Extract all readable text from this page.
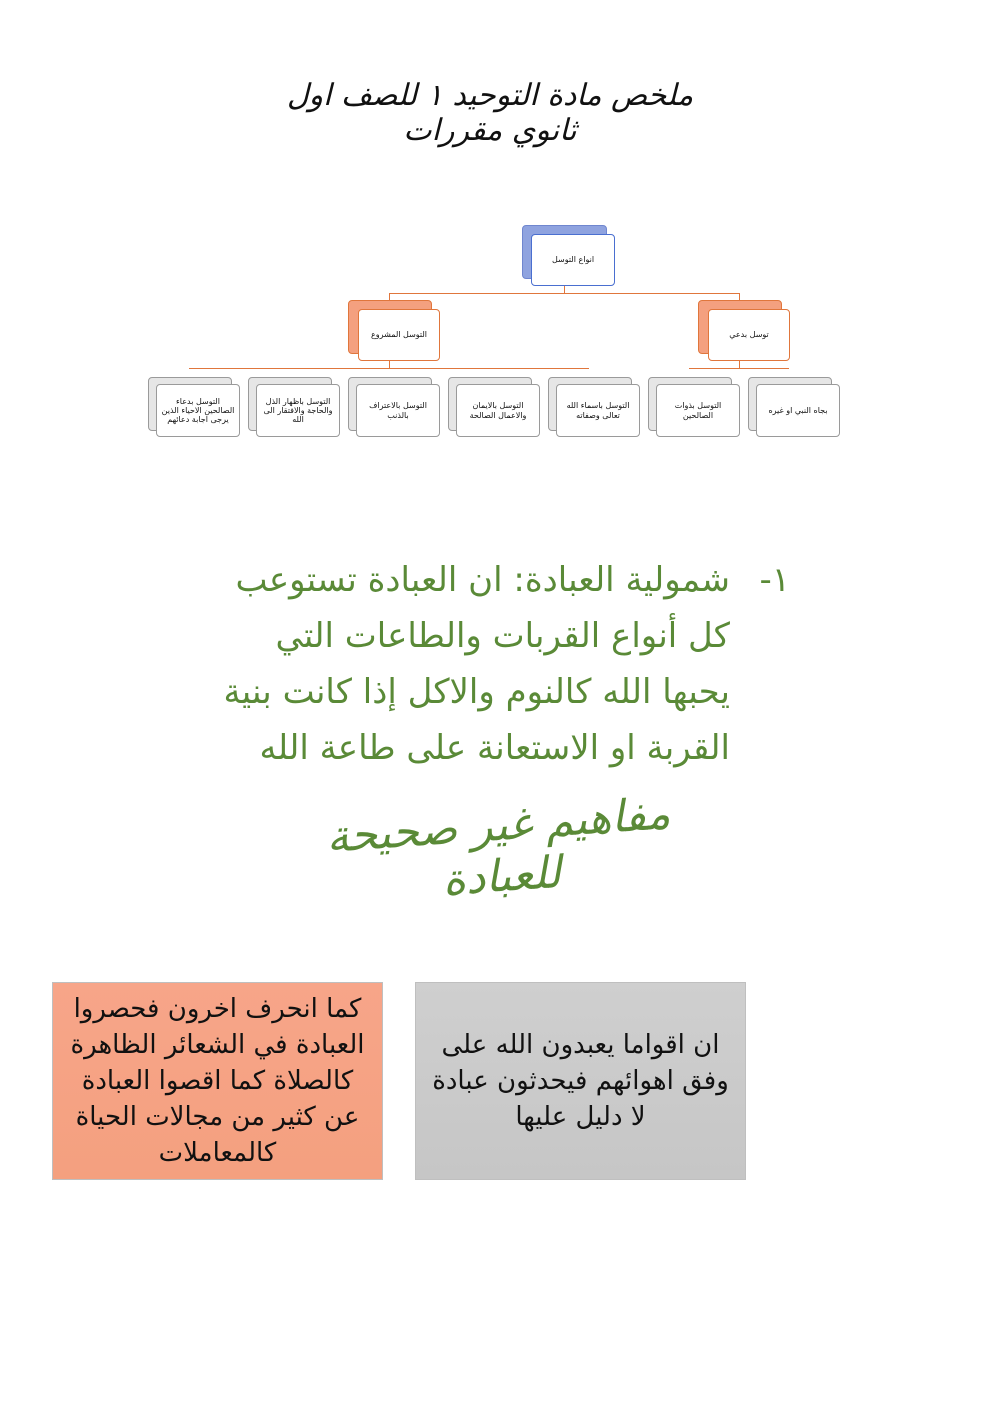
ملخص مادة التوحيد ١ للصف اول ثانوي مقررات
انواع التوسل
التوسل المشروع	توسل بدعي
بجاه النبي او غيره
التوسل بذوات الصالحين
التوسل باسماء الله تعالى وصفاته
التوسل بالايمان والاعمال الصالحة
التوسل بالاعتراف بالذنب
التوسل باظهار الذل والحاجة والافتقار الى الله
التوسل بدعاء الصالحين الاحياء الذين يرجى اجابة دعائهم
١-
شمولية العبادة: ان العبادة تستوعب كل أنواع القربات والطاعات التي يحبها الله كالنوم والاكل إذا كانت بنية القربة او الاستعانة على طاعة الله
مفاهيم غير صحيحة للعبادة
ان اقواما يعبدون الله على وفق اهوائهم فيحدثون عبادة لا دليل عليها
كما انحرف اخرون فحصروا العبادة في الشعائر الظاهرة كالصلاة كما اقصوا العبادة عن كثير من مجالات الحياة كالمعاملات
